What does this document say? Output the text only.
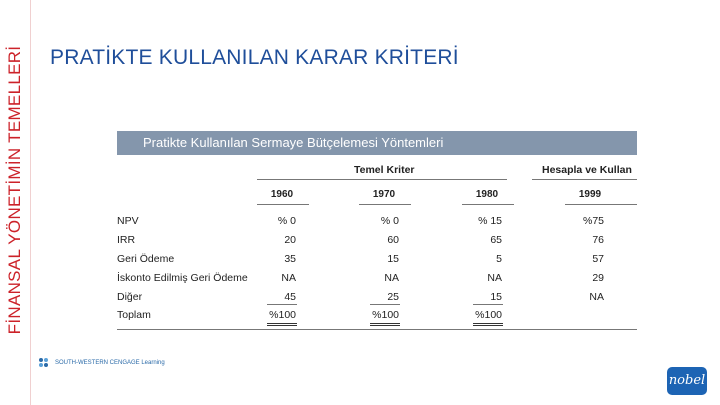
FİNANSAL YÖNETİMİN TEMELLERİ PRATİKTE KULLANILAN KARAR KRİTERİ
Pratikte Kullanılan Sermaye Bütçelemesi Yöntemleri
Temel Kriter	Hesapla ve Kullan
1960	1970	1980	1999
NPV	% 0	% 0	% 15	%75
IRR	20	60	65	76
Geri Ödeme	35	15	5	57
İskonto Edilmiş Geri Ödeme	NA	NA	NA	29
Diğer	45	25	15	NA
Toplam	%100	%100	%100
SOUTH-WESTERN CENGAGE Learning
nobel
